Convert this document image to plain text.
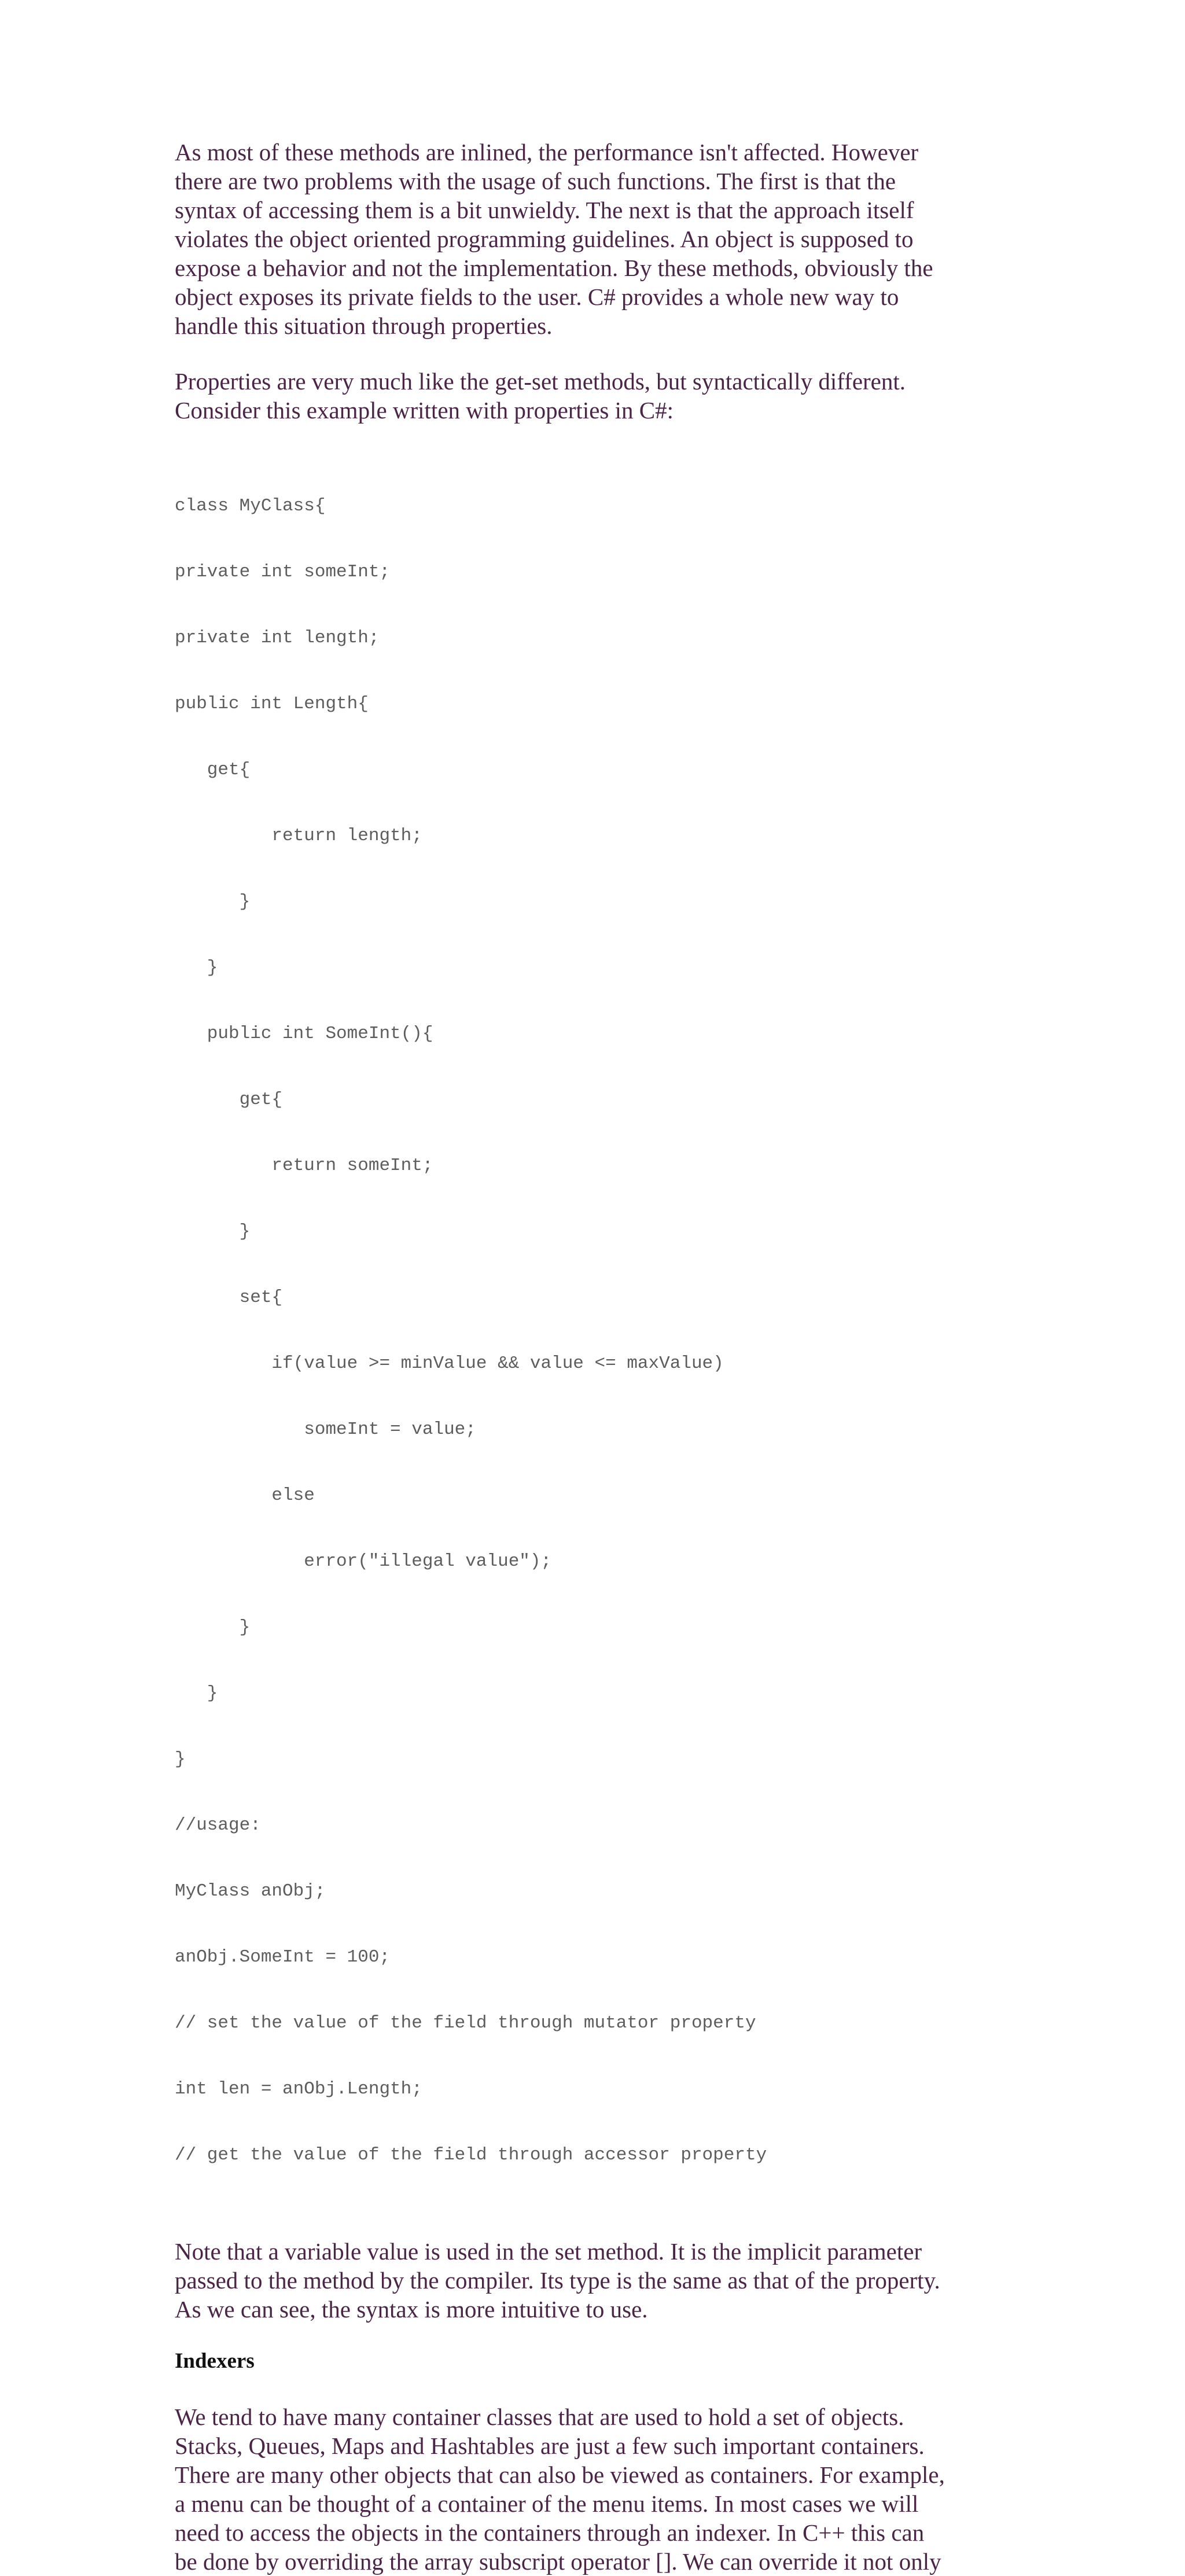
As most of these methods are inlined, the performance isn't affected. However
there are two problems with the usage of such functions. The first is that the
syntax of accessing them is a bit unwieldy. The next is that the approach itself
violates the object oriented programming guidelines. An object is supposed to
expose a behavior and not the implementation. By these methods, obviously the
object exposes its private fields to the user. C# provides a whole new way to
handle this situation through properties.

Properties are very much like the get-set methods, but syntactically different.
Consider this example written with properties in C#:

class MyClass{

private int someInt;

private int length;

public int Length{

get{

return length;

}

}

public int SomeInt(){

get{

return someInt;

}

set{

if(value >= minValue && value <= maxValue)

someInt = value;

else

error("illegal value");

}

}

}

//usage:

MyClass anObj;

anObj.SomeInt = 100;

// set the value of the field through mutator property

int len = anObj.Length;

// get the value of the field through accessor property

Note that a variable value is used in the set method. It is the implicit parameter
passed to the method by the compiler. Its type is the same as that of the property.
As we can see, the syntax is more intuitive to use.

Indexers

We tend to have many container classes that are used to hold a set of objects.
Stacks, Queues, Maps and Hashtables are just a few such important containers.
There are many other objects that can also be viewed as containers. For example,
a menu can be thought of a container of the menu items. In most cases we will
need to access the objects in the containers through an indexer. In C++ this can
be done by overriding the array subscript operator []. We can override it not only
